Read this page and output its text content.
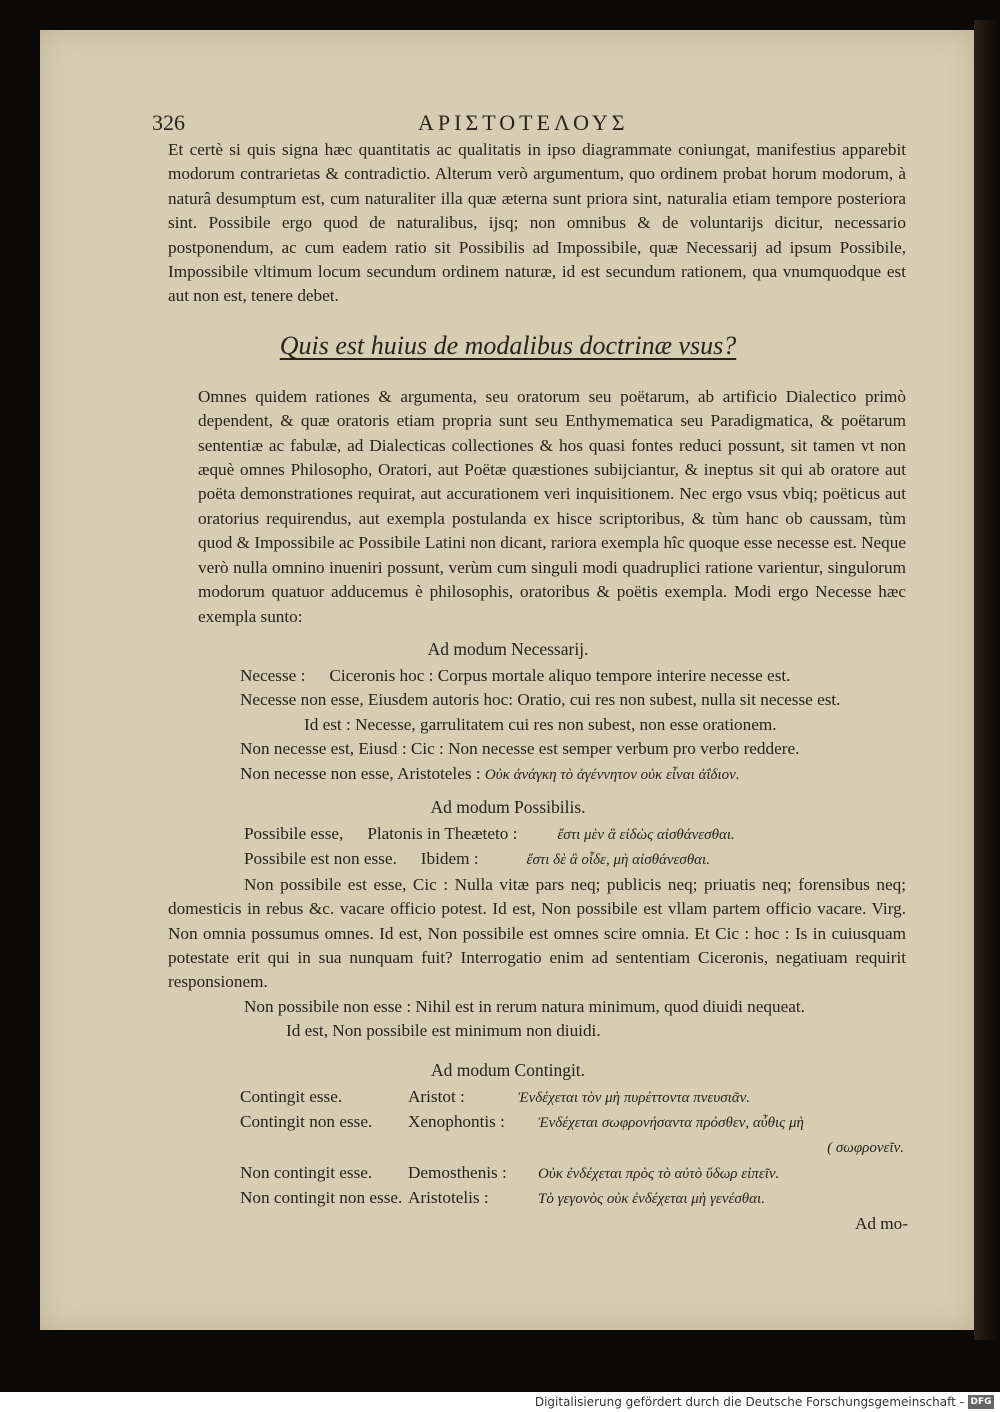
326	ΑΡΙΣΤΟΤΕΛΟΥΣ
Et certè si quis signa hæc quantitatis ac qualitatis in ipso diagrammate coniungat, manifestius apparebit modorum contrarietas & contradictio. Alterum verò argumentum, quo ordinem probat horum modorum, à naturâ desumptum est, cum naturaliter illa quæ æterna sunt priora sint, naturalia etiam tempore posteriora sint. Possibile ergo quod de naturalibus, ijsq; non omnibus & de voluntarijs dicitur, necessario postponendum, ac cum eadem ratio sit Possibilis ad Impossibile, quæ Necessarij ad ipsum Possibile, Impossibile vltimum locum secundum ordinem naturæ, id est secundum rationem, qua vnumquodque est aut non est, tenere debet.
Quis est huius de modalibus doctrinæ vsus?
Omnes quidem rationes & argumenta, seu oratorum seu poëtarum, ab artificio Dialectico primò dependent, & quæ oratoris etiam propria sunt seu Enthymematica seu Paradigmatica, & poëtarum sententiæ ac fabulæ, ad Dialecticas collectiones & hos quasi fontes reduci possunt, sit tamen vt non æquè omnes Philosopho, Oratori, aut Poëtæ quæstiones subijciantur, & ineptus sit qui ab oratore aut poëta demonstrationes requirat, aut accurationem veri inquisitionem. Nec ergo vsus vbiq; poëticus aut oratorius requirendus, aut exempla postulanda ex hisce scriptoribus, & tùm hanc ob caussam, tùm quod & Impossibile ac Possibile Latini non dicant, rariora exempla hîc quoque esse necesse est. Neque verò nulla omnino inueniri possunt, verùm cum singuli modi quadruplici ratione varientur, singulorum modorum quatuor adducemus è philosophis, oratoribus & poëtis exempla. Modi ergo Necesse hæc exempla sunto:
Ad modum Necessarij.
Necesse : Ciceronis hoc : Corpus mortale aliquo tempore interire necesse est.
Necesse non esse, Eiusdem autoris hoc: Oratio, cui res non subest, nulla sit necesse est.
Id est : Necesse, garrulitatem cui res non subest, non esse orationem.
Non necesse est, Eiusd : Cic : Non necesse est semper verbum pro verbo reddere.
Non necesse non esse, Aristoteles : Οὐκ ἀνάγκη τὸ ἀγέννητον οὐκ εἶναι ἀΐδιον.
Ad modum Possibilis.
Possibile esse, Platonis in Theæteto :	ἔστι μὲν ἃ εἰδὼς αἰσθάνεσθαι.
Possibile est non esse. Ibidem :	ἔστι δὲ ἃ οἶδε, μὴ αἰσθάνεσθαι.
Non possibile est esse, Cic : Nulla vitæ pars neq; publicis neq; priuatis neq; forensibus neq; domesticis in rebus &c. vacare officio potest. Id est, Non possibile est vllam partem officio vacare. Virg. Non omnia possumus omnes. Id est, Non possibile est omnes scire omnia. Et Cic : hoc : Is in cuiusquam potestate erit qui in sua nunquam fuit? Interrogatio enim ad sententiam Ciceronis, negatiuam requirit responsionem.
Non possibile non esse : Nihil est in rerum natura minimum, quod diuidi nequeat.
Id est, Non possibile est minimum non diuidi.
Ad modum Contingit.
Contingit esse.	Aristot :	Ἐνδέχεται τὸν μὴ πυρέττοντα πνευσιᾶν.
Contingit non esse. Xenophontis : Ἐνδέχεται σωφρονήσαντα πρόσθεν, αὖθις μὴ
( σωφρονεῖν.
Non contingit esse. Demosthenis : Οὐκ ἐνδέχεται πρὸς τὸ αὐτὸ ὕδωρ εἰπεῖν.
Non contingit non esse. Aristotelis :	Τὸ γεγονὸς οὐκ ἐνδέχεται μὴ γενέσθαι.
Ad mo-
Digitalisierung gefördert durch die Deutsche Forschungsgemeinschaft - DFG
